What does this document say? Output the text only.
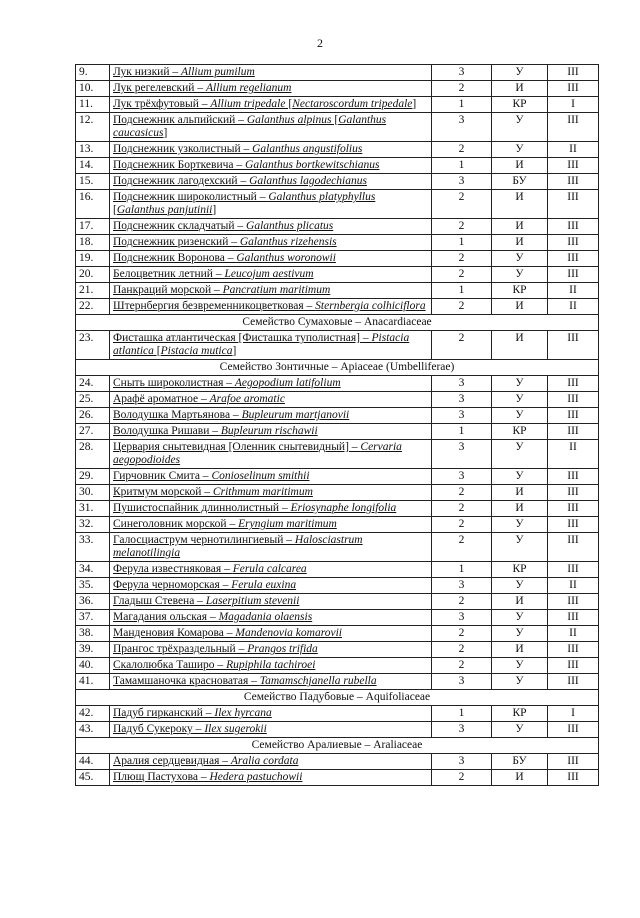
2
9.	Лук низкий – Allium pumilum	3	У	III
10.	Лук регелевский – Allium regelianum	2	И	III
11.	Лук трёхфутовый – Allium tripedale [Nectaroscordum tripedale]	1	КР	I
12.	Подснежник альпийский – Galanthus alpinus [Galanthus caucasicus]	3	У	III
13.	Подснежник узколистный – Galanthus angustifolius	2	У	II
14.	Подснежник Борткевича – Galanthus bortkewitschianus	1	И	III
15.	Подснежник лагодехский – Galanthus lagodechianus	3	БУ	III
16.	Подснежник широколистный – Galanthus platyphyllus [Galanthus panjutinii]	2	И	III
17.	Подснежник складчатый – Galanthus plicatus	2	И	III
18.	Подснежник ризенский – Galanthus rizehensis	1	И	III
19.	Подснежник Воронова – Galanthus woronowii	2	У	III
20.	Белоцветник летний – Leucojum aestivum	2	У	III
21.	Панкраций морской – Pancratium maritimum	1	КР	II
22.	Штернбергия безвременникоцветковая – Sternbergia colhiciflora	2	И	II
Семейство Сумаховые – Anacardiaceae				
23.	Фисташка атлантическая [Фисташка туполистная] – Pistacia atlantica [Pistacia mutica]	2	И	III
Семейство Зонтичные – Apiaceae (Umbelliferae)				
24.	Сныть широколистная – Aegopodium latifolium	3	У	III
25.	Арафё ароматное – Arafoe aromatic	3	У	III
26.	Володушка Мартьянова – Bupleurum martjanovii	3	У	III
27.	Володушка Ришави – Bupleurum rischawii	1	КР	III
28.	Цервария снытевидная [Оленник снытевидный] – Cervaria aegopodioides	3	У	II
29.	Гирчовник Смита – Conioselinum smithii	3	У	III
30.	Критмум морской – Crithmum maritimum	2	И	III
31.	Пушистоспайник длиннолистный – Eriosynaphe longifolia	2	И	III
32.	Синеголовник морской – Eryngium maritimum	2	У	III
33.	Галосциаструм чернотилингиевый – Haloscіastrum melanotilingia	2	У	III
34.	Ферула известняковая – Ferula calcarea	1	КР	III
35.	Ферула черноморская – Ferula euxina	3	У	II
36.	Гладыш Стевена – Laserpitium stevenii	2	И	III
37.	Магадания ольская – Magadania olaensis	3	У	III
38.	Манденовия Комарова – Mandenovia komarovii	2	У	II
39.	Прангос трёхраздельный – Prangos trifida	2	И	III
40.	Скалолюбка Таширо – Rupiphila tachiroei	2	У	III
41.	Тамамшаночка красноватая – Tamamschjanella rubella	3	У	III
Семейство Падубовые – Aquifoliaceae				
42.	Падуб гирканский – Ilex hyrcana	1	КР	I
43.	Падуб Сукероку – Ilex sugerokii	3	У	III
Семейство Аралиевые – Araliaceae				
44.	Аралия сердцевидная – Aralia cordata	3	БУ	III
45.	Плющ Пастухова – Hedera pastuchowii	2	И	III
